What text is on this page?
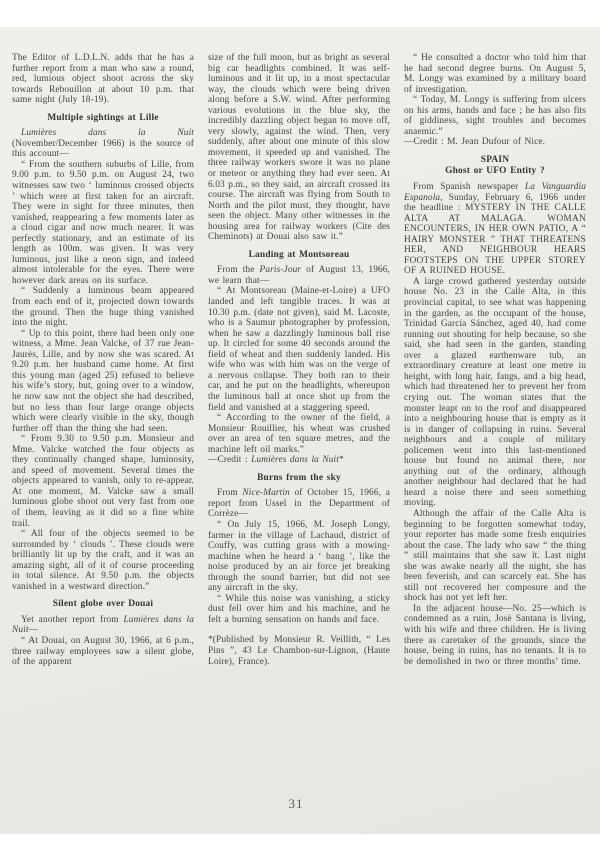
The Editor of L.D.L.N. adds that he has a further report from a man who saw a round, red, lumious object shoot across the sky towards Rebouillon at about 10 p.m. that same night (July 18-19).
Multiple sightings at Lille
Lumières dans la Nuit (November/December 1966) is the source of this account—
“ From the southern suburbs of Lille, from 9.00 p.m. to 9.50 p.m. on August 24, two witnesses saw two ‘ luminous crossed objects ’ which were at first taken for an aircraft. They were in sight for three minutes, then vanished, reappearing a few moments later as a cloud cigar and now much nearer. It was perfectly stationary, and an estimate of its length as 100m. was given. It was very luminous, just like a neon sign, and indeed almost intolerable for the eyes. There were however dark areas on its surface.
“ Suddenly a luminous beam appeared from each end of it, projected down towards the ground. Then the huge thing vanished into the night.
“ Up to this point, there had been only one witness, a Mme. Jean Valcke, of 37 rue Jean-Jaurès, Lille, and by now she was scared. At 9.20 p.m. her husband came home. At first this young man (aged 25) refused to believe his wife’s story, but, going over to a window, he now saw not the object she had described, but no less than four large orange objects which were clearly visible in the sky, though further off than the thing she had seen.
“ From 9.30 to 9.50 p.m. Monsieur and Mme. Valcke watched the four objects as they continually changed shape, luminosity, and speed of movement. Several times the objects appeared to vanish, only to re-appear. At one moment, M. Valcke saw a small luminous globe shoot out very fast from one of them, leaving as it did so a fine white trail.
“ All four of the objects seemed to be surrounded by ‘ clouds ’. These clouds were brilliantly lit up by the craft, and it was an amazing sight, all of it of course proceeding in total silence. At 9.50 p.m. the objects vanished in a westward direction.”
Silent globe over Douai
Yet another report from Lumières dans la Nuit—
“ At Douai, on August 30, 1966, at 6 p.m., three railway employees saw a silent globe, of the apparent
size of the full moon, but as bright as several big car headlights combined. It was self-luminous and it lit up, in a most spectacular way, the clouds which were being driven along before a S.W. wind. After performing various evolutions in the blue sky, the incredibly dazzling object began to move off, very slowly, against the wind. Then, very suddenly, after about one minute of this slow movement, it speeded up and vanished. The three railway workers swore it was no plane or meteor or anything they had ever seen. At 6.03 p.m., so they said, an aircraft crossed its course. The aircraft was flying from South to North and the pilot must, they thought, have seen the object. Many other witnesses in the housing area for railway workers (Cite des Cheminots) at Douai also saw it.”
Landing at Montsoreau
From the Paris-Jour of August 13, 1966, we learn that—
“ At Montsoreau (Maine-et-Loire) a UFO landed and left tangible traces. It was at 10.30 p.m. (date not given), said M. Lacoste, who is a Saumur photographer by profession, when he saw a dazzlingly luminous ball rise up. It circled for some 40 seconds around the field of wheat and then suddenly landed. His wife who was with him was on the verge of a nervous collapse. They both ran to their car, and he put on the headlights, whereupon the luminous ball at once shot up from the field and vanished at a staggering speed.
“ According to the owner of the field, a Monsieur Rouillier, his wheat was crushed over an area of ten square metres, and the machine left oil marks.”
—Credit : Lumières dans la Nuit*
Burns from the sky
From Nice-Martin of October 15, 1966, a report from Ussel in the Department of Corrèze—
“ On July 15, 1966, M. Joseph Longy, farmer in the village of Lachaud, district of Couffy, was cutting grass with a mowing-machine when he heard a ‘ bang ’, like the noise produced by an air force jet breaking through the sound barrier, but did not see any aircraft in the sky.
“ While this noise was vanishing, a sticky dust fell over him and his machine, and he felt a burning sensation on hands and face.
*(Published by Monsieur R. Veillith, “ Les Pins ”, 43 Le Chambon-sur-Lignon, (Haute Loire), France).
“ He consulted a doctor who told him that he had second degree burns. On August 5, M. Longy was examined by a military board of investigation.
“ Today, M. Longy is suffering from ulcers on his arms, hands and face ; he has also fits of giddiness, sight troubles and becomes anaemic.”
—Credit : M. Jean Dufour of Nice.
SPAIN
Ghost or UFO Entity ?
From Spanish newspaper La Vanguardia Espanola, Sunday, February 6, 1966 under the headline : MYSTERY IN THE CALLE ALTA AT MALAGA. WOMAN ENCOUNTERS, IN HER OWN PATIO, A “ HAIRY MONSTER ” THAT THREATENS HER, AND NEIGHBOUR HEARS FOOTSTEPS ON THE UPPER STOREY OF A RUINED HOUSE.
A large crowd gathered yesterday outside house No. 23 in the Calle Alta, in this provincial capital, to see what was happening in the garden, as the occupant of the house, Trinidad García Sánchez, aged 40, had come running out shouting for help because, so she said, she had seen in the garden, standing over a glazed earthenware tub, an extraordinary creature at least one metre in height, with long hair, fangs, and a big head, which had threatened her to prevent her from crying out. The woman states that the monster leapt on to the roof and disappeared into a neighbouring house that is empty as it is in danger of collapsing in ruins. Several neighbours and a couple of military policemen went into this last-mentioned house but found no animal there, nor anything out of the ordinary, although another neighbour had declared that he had heard a noise there and seen something moving.
Although the affair of the Calle Alta is beginning to be forgotten somewhat today, your reporter has made some fresh enquiries about the case. The lady who saw “ the thing ” still maintains that she saw it. Last night she was awake nearly all the night, she has been feverish, and can scarcely eat. She has still not recovered her composure and the shock has not yet left her.
In the adjacent house—No. 25—which is condemned as a ruin, Josè Santana is living, with his wife and three children. He is living there as caretaker of the grounds, since the house, being in ruins, has no tenants. It is to be demolished in two or three months’ time.
31
